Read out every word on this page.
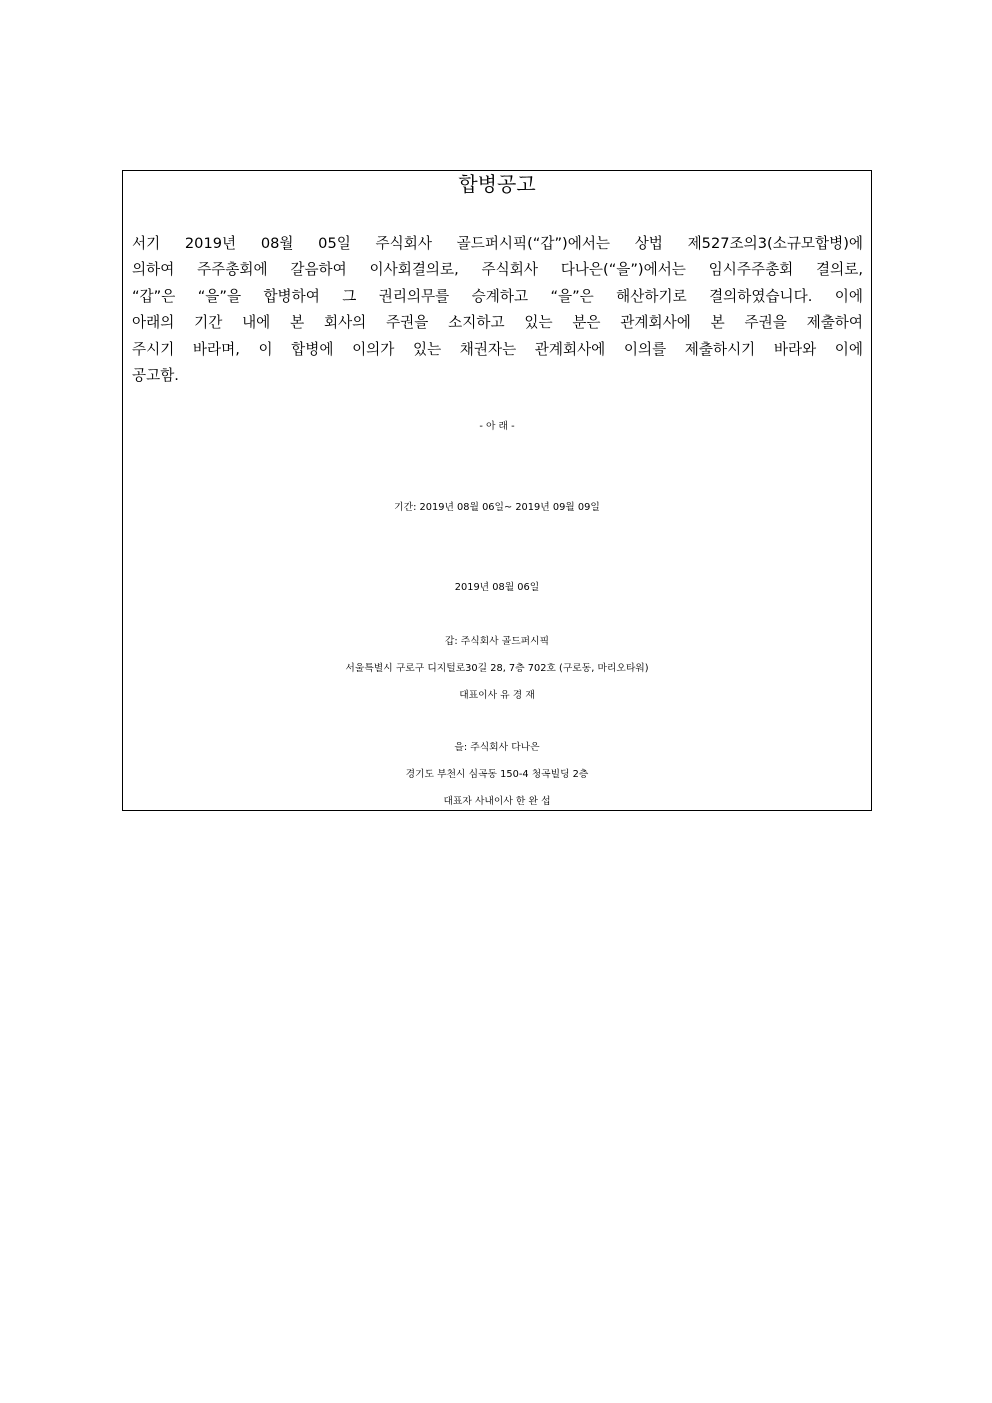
합병공고
서기 2019년 08월 05일 주식회사 골드퍼시픽(“갑”)에서는 상법 제527조의3(소규모합병)에
의하여 주주총회에 갈음하여 이사회결의로, 주식회사 다나은(“을”)에서는 임시주주총회 결의로,
“갑”은 “을”을 합병하여 그 권리의무를 승계하고 “을”은 해산하기로 결의하였습니다. 이에
아래의 기간 내에 본 회사의 주권을 소지하고 있는 분은 관계회사에 본 주권을 제출하여
주시기 바라며, 이 합병에 이의가 있는 채권자는 관계회사에 이의를 제출하시기 바라와 이에
공고함.
- 아 래 -
기간: 2019년 08월 06일~ 2019년 09월 09일
2019년 08월 06일
갑: 주식회사 골드퍼시픽
서울특별시 구로구 디지털로30길 28, 7층 702호 (구로동, 마리오타워)
대표이사 유 경 재
을: 주식회사 다나은
경기도 부천시 심곡동 150-4 청곡빌딩 2층
대표자 사내이사 한 완 섭
